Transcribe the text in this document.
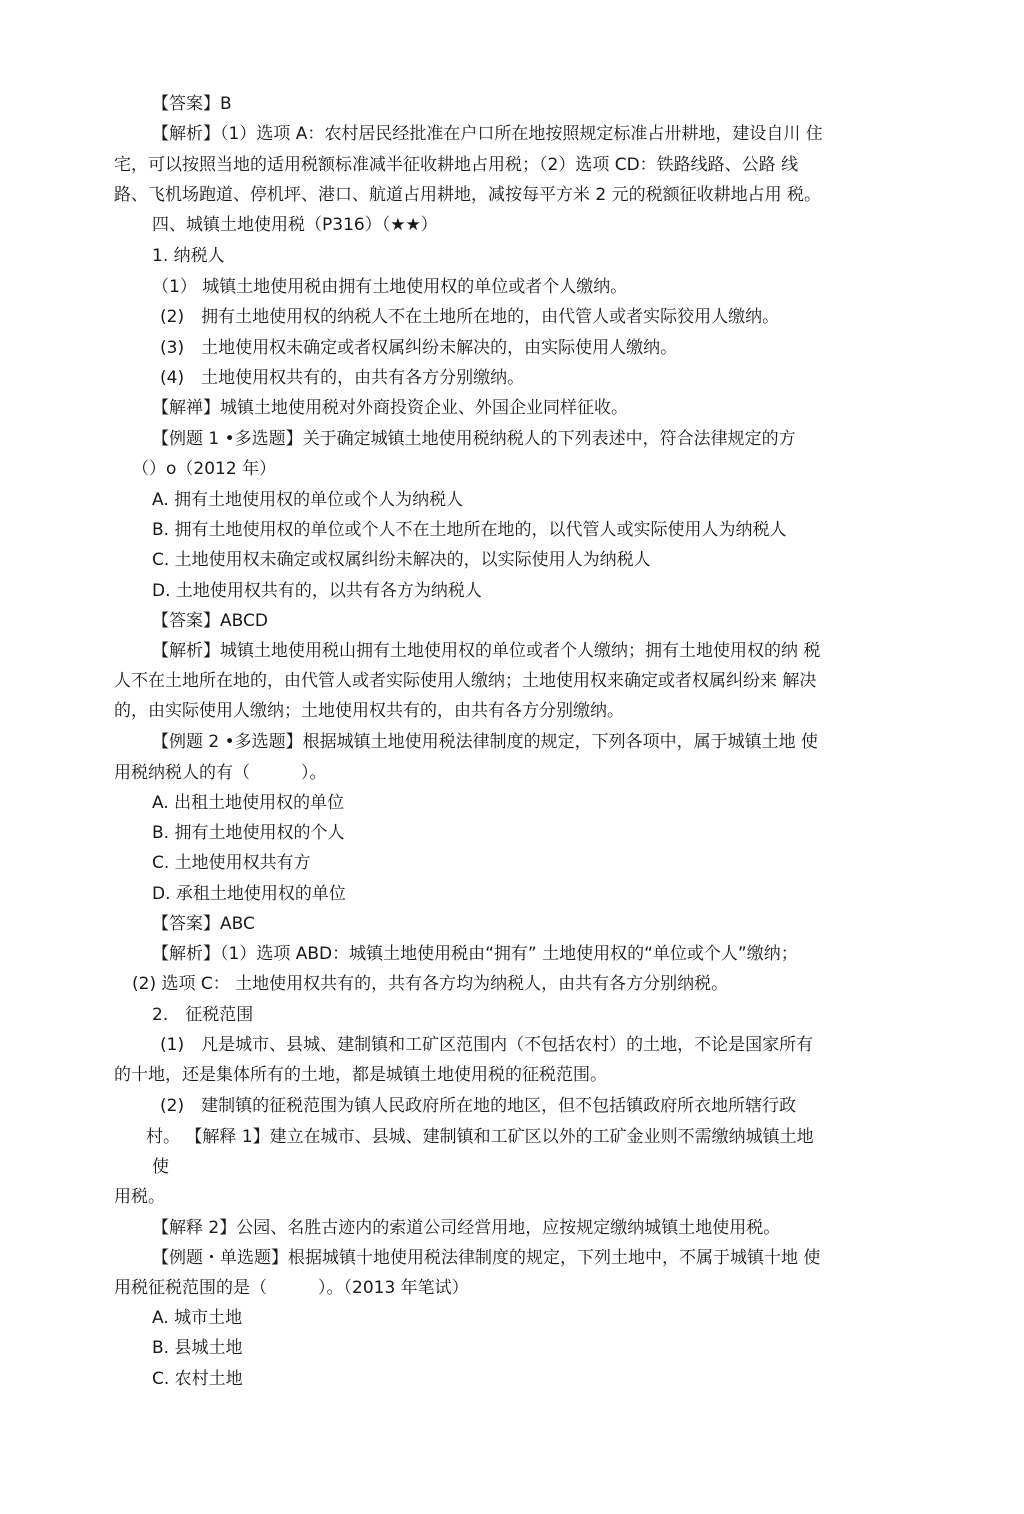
【答案】B
【解析】（1）选项 A：农村居民经批准在户口所在地按照规定标准占卅耕地，建设自川 住
宅，可以按照当地的适用税额标准减半征收耕地占用税；（2）选项 CD：铁路线路、公路 线
路、飞机场跑道、停机坪、港口、航道占用耕地，减按每平方米 2 元的税额征收耕地占用 税。
四、城镇土地使用税（P316）（★★）
1. 纳税人
（1） 城镇土地使用税由拥有土地使用权的单位或者个人缴纳。
(2)　拥有土地使用权的纳税人不在土地所在地的，由代管人或者实际狡用人缴纳。
(3)　土地使用权未确定或者权属纠纷未解决的，由实际使用人缴纳。
(4)　土地使用权共有的，由共有各方分别缴纳。
【解禅】城镇土地使用税对外商投资企业、外国企业同样征收。
【例题 1 •多选题】关于确定城镇土地使用税纳税人的下列表述中，符合法律规定的方
（）o（2012 年）
A. 拥有土地使用权的单位或个人为纳税人
B. 拥有土地使用权的单位或个人不在土地所在地的，以代管人或实际使用人为纳税人
C. 土地使用权未确定或权属纠纷未解决的，以实际使用人为纳税人
D. 土地使用权共有的，以共有各方为纳税人
【答案】ABCD
【解析】城镇土地使用税山拥有土地使用权的单位或者个人缴纳；拥有土地使用权的纳 税
人不在土地所在地的，由代管人或者实际使用人缴纳；土地使用权来确定或者权属纠纷来 解决
的，由实际使用人缴纳；土地使用权共有的，由共有各方分别缴纳。
【例题 2 •多选题】根据城镇土地使用税法律制度的规定，下列各项中，属于城镇土地 使
用税纳税人的有（　　　）。
A. 出租土地使用权的单位
B. 拥有土地使用权的个人
C. 土地使用权共有方
D. 承租土地使用权的单位
【答案】ABC
【解析】（1）选项 ABD：城镇土地使用税由“拥有” 土地使用权的“单位或个人”缴纳；
(2) 选项 C： 土地使用权共有的，共有各方均为纳税人，由共有各方分别纳税。
2.　征税范围
(1)　凡是城市、县城、建制镇和工矿区范围内（不包括农村）的土地，不论是国家所有
的十地，还是集体所有的土地，都是城镇土地使用税的征税范围。
(2)　建制镇的征税范围为镇人民政府所在地的地区，但不包括镇政府所衣地所辖行政
村。 【解释 1】建立在城市、县城、建制镇和工矿区以外的工矿金业则不需缴纳城镇土地
使
用税。
【解释 2】公园、名胜古迹内的索道公司经営用地，应按规定缴纳城镇土地使用税。
【例题・单选题】根据城镇十地使用税法律制度的规定，下列土地中，不属于城镇十地 使
用税征税范围的是（　　　）。（2013 年笔试）
A. 城市土地
B. 县城土地
C. 农村土地
